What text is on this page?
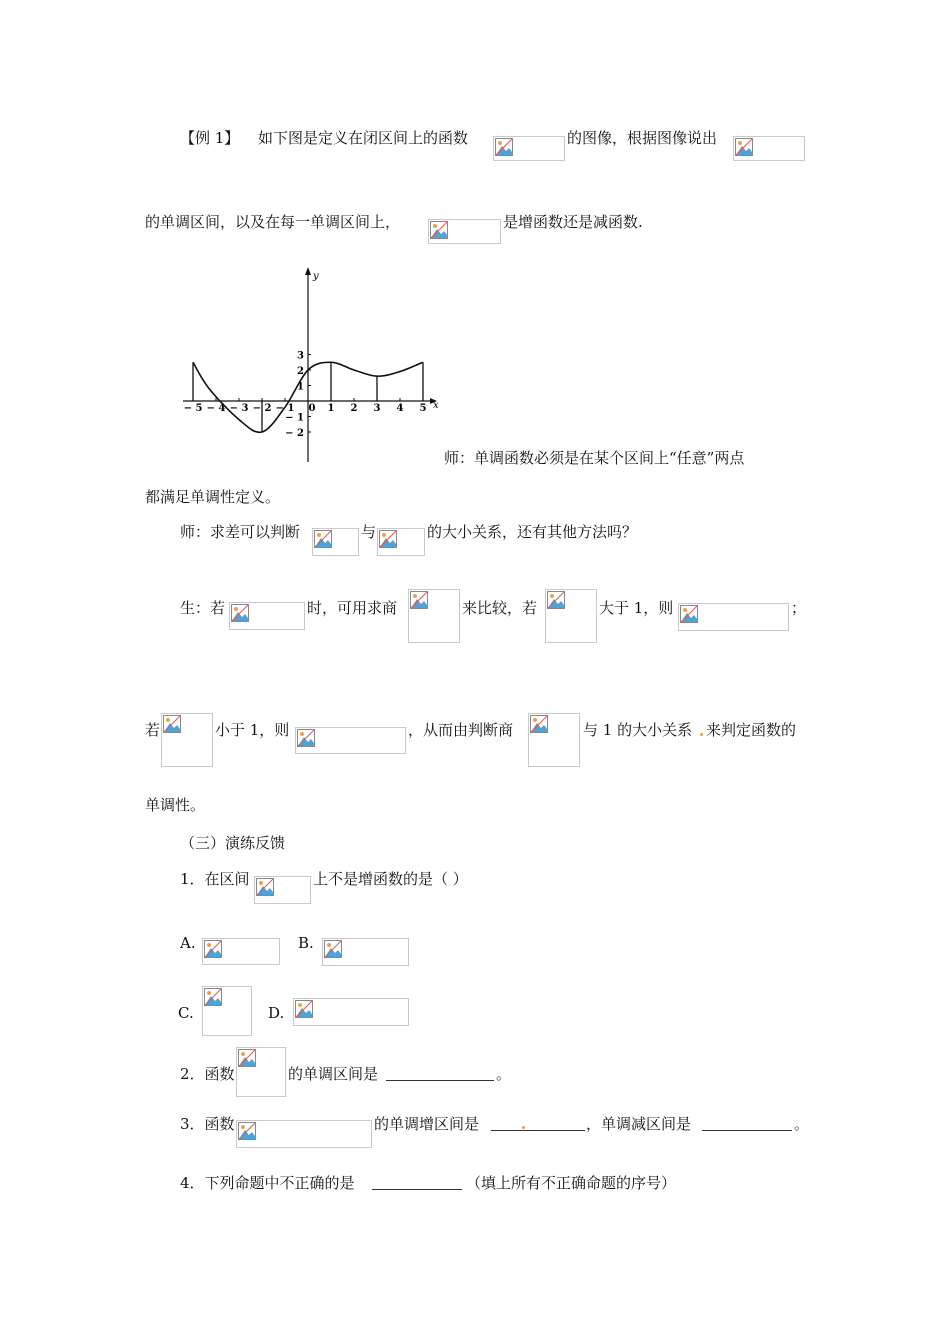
【例 1】 如下图是定义在闭区间上的函数	的图像，根据图像说出
的单调区间，以及在每一单调区间上，	是增函数还是减函数.
x
y
− 5 − 4 − 3 − 2 − 1 0 1 2 3 4 5
3
2
1
− 1
− 2
师：单调函数必须是在某个区间上“任意”两点
都满足单调性定义。
师：求差可以判断	与	的大小关系，还有其他方法吗？
生：若	时，可用求商	来比较，若	大于 1，则	；
若	小于 1，则	，从而由判断商	与 1 的大小关系 来判定函数的
单调性。
（三）演练反馈
1．在区间	上不是增函数的是（ ）
A.	B.
C.	D.
2．函数	的单调区间是	。
3．函数	的单调增区间是	，单调减区间是	。
4．下列命题中不正确的是	（填上所有不正确命题的序号）
